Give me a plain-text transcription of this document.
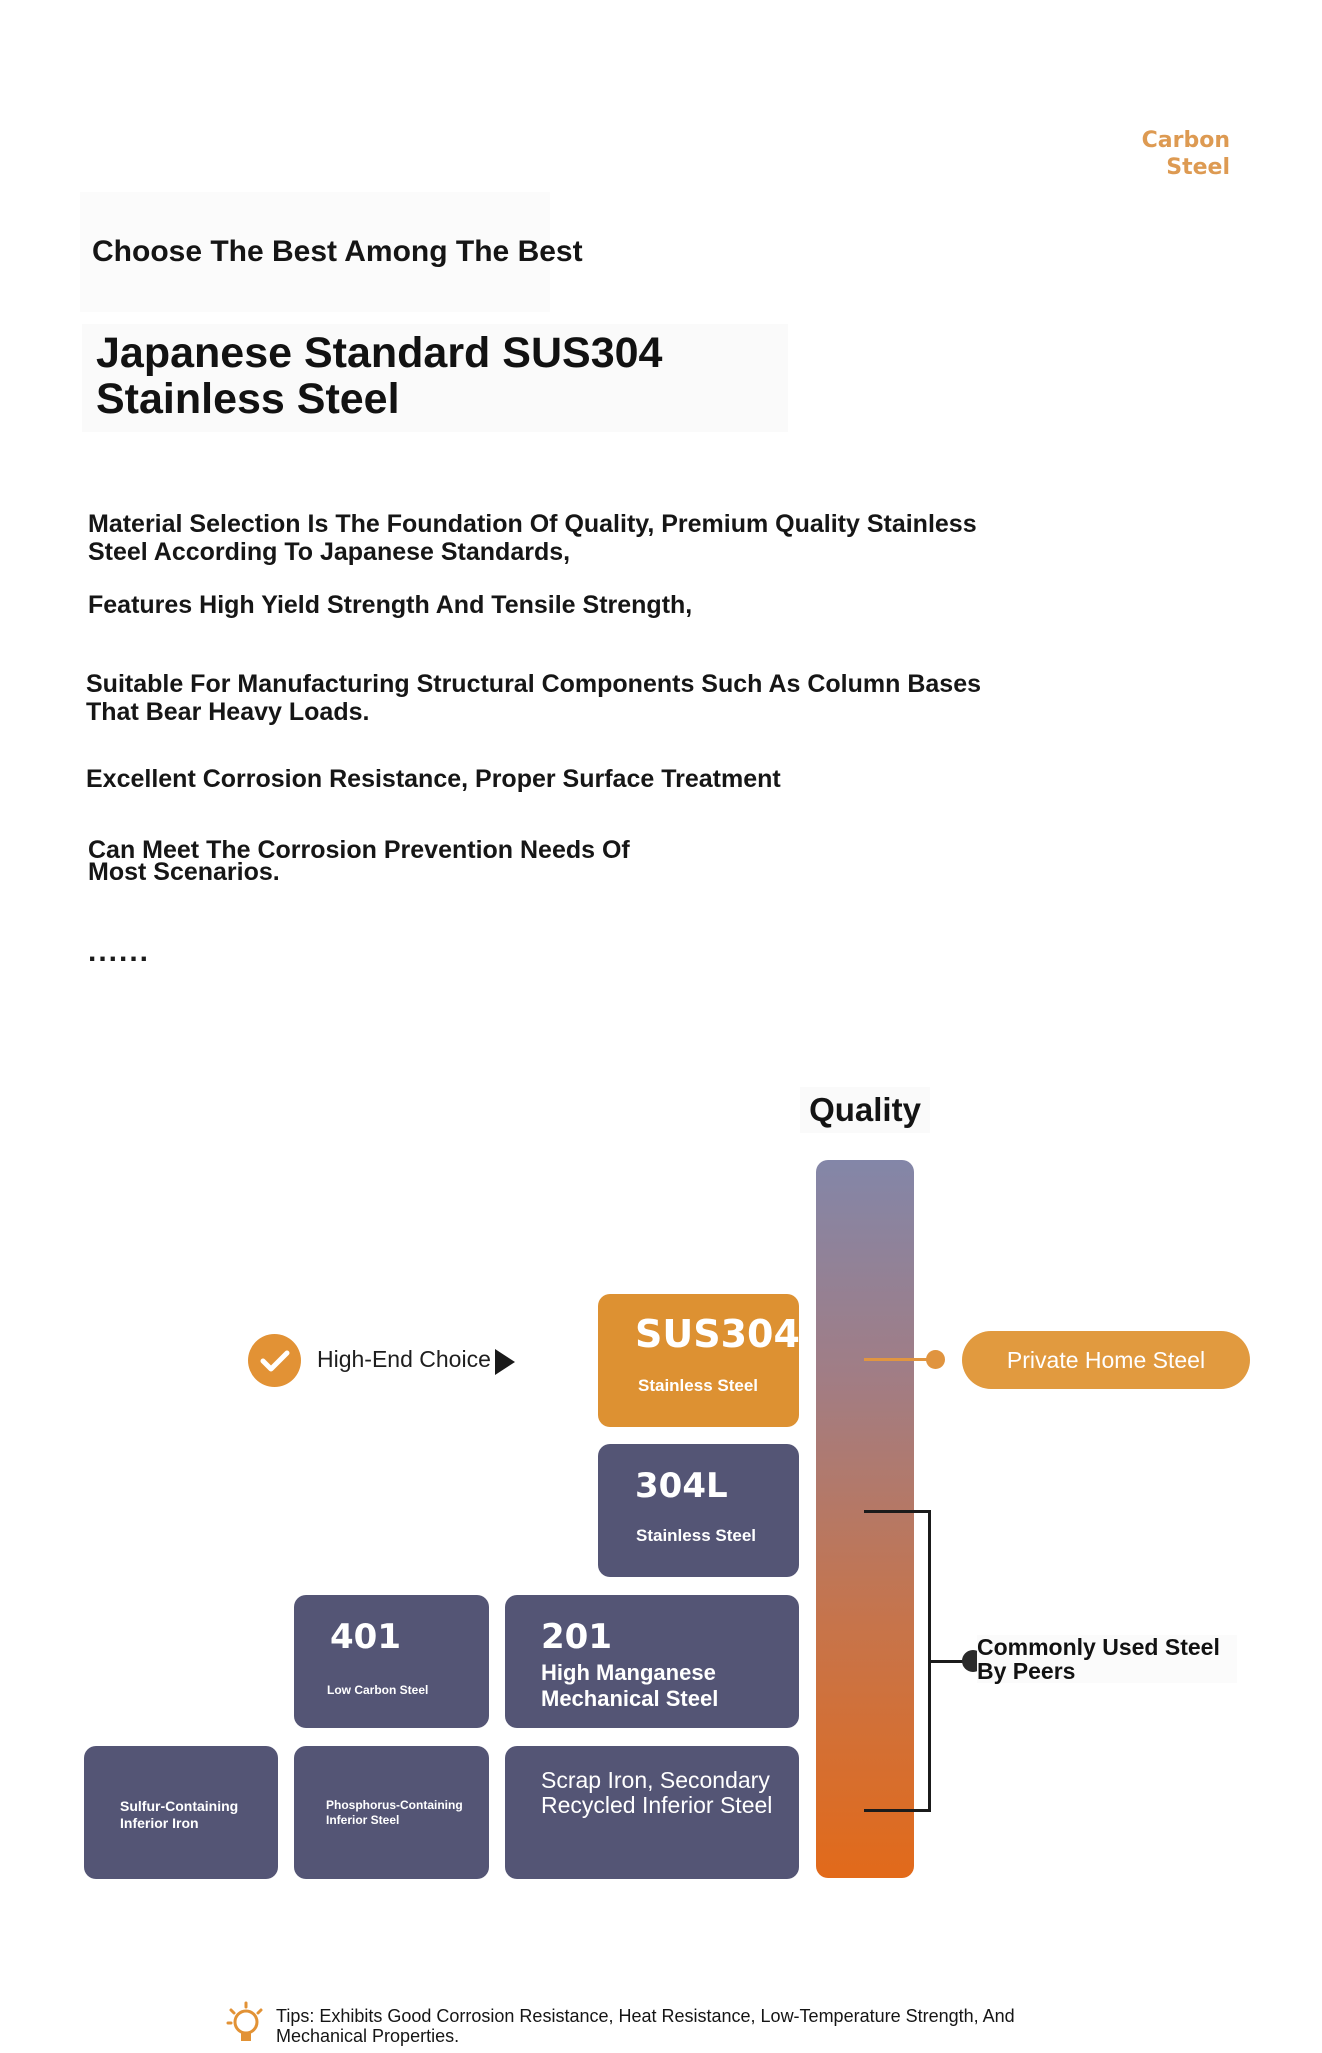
Carbon
Steel
Choose The Best Among The Best
Japanese Standard SUS304
Stainless Steel
Material Selection Is The Foundation Of Quality, Premium Quality Stainless Steel According To Japanese Standards,
Features High Yield Strength And Tensile Strength,
Suitable For Manufacturing Structural Components Such As Column Bases That Bear Heavy Loads.
Excellent Corrosion Resistance, Proper Surface Treatment
Can Meet The Corrosion Prevention Needs Of Most Scenarios.
......
Quality
Private Home Steel
Commonly Used Steel By Peers
High-End Choice
SUS304
Stainless Steel
304L
Stainless Steel
401
Low Carbon Steel
201
High Manganese Mechanical Steel
Sulfur-Containing Inferior Iron
Phosphorus-Containing Inferior Steel
Scrap Iron, Secondary Recycled Inferior Steel
Tips: Exhibits Good Corrosion Resistance, Heat Resistance, Low-Temperature Strength, And Mechanical Properties.
